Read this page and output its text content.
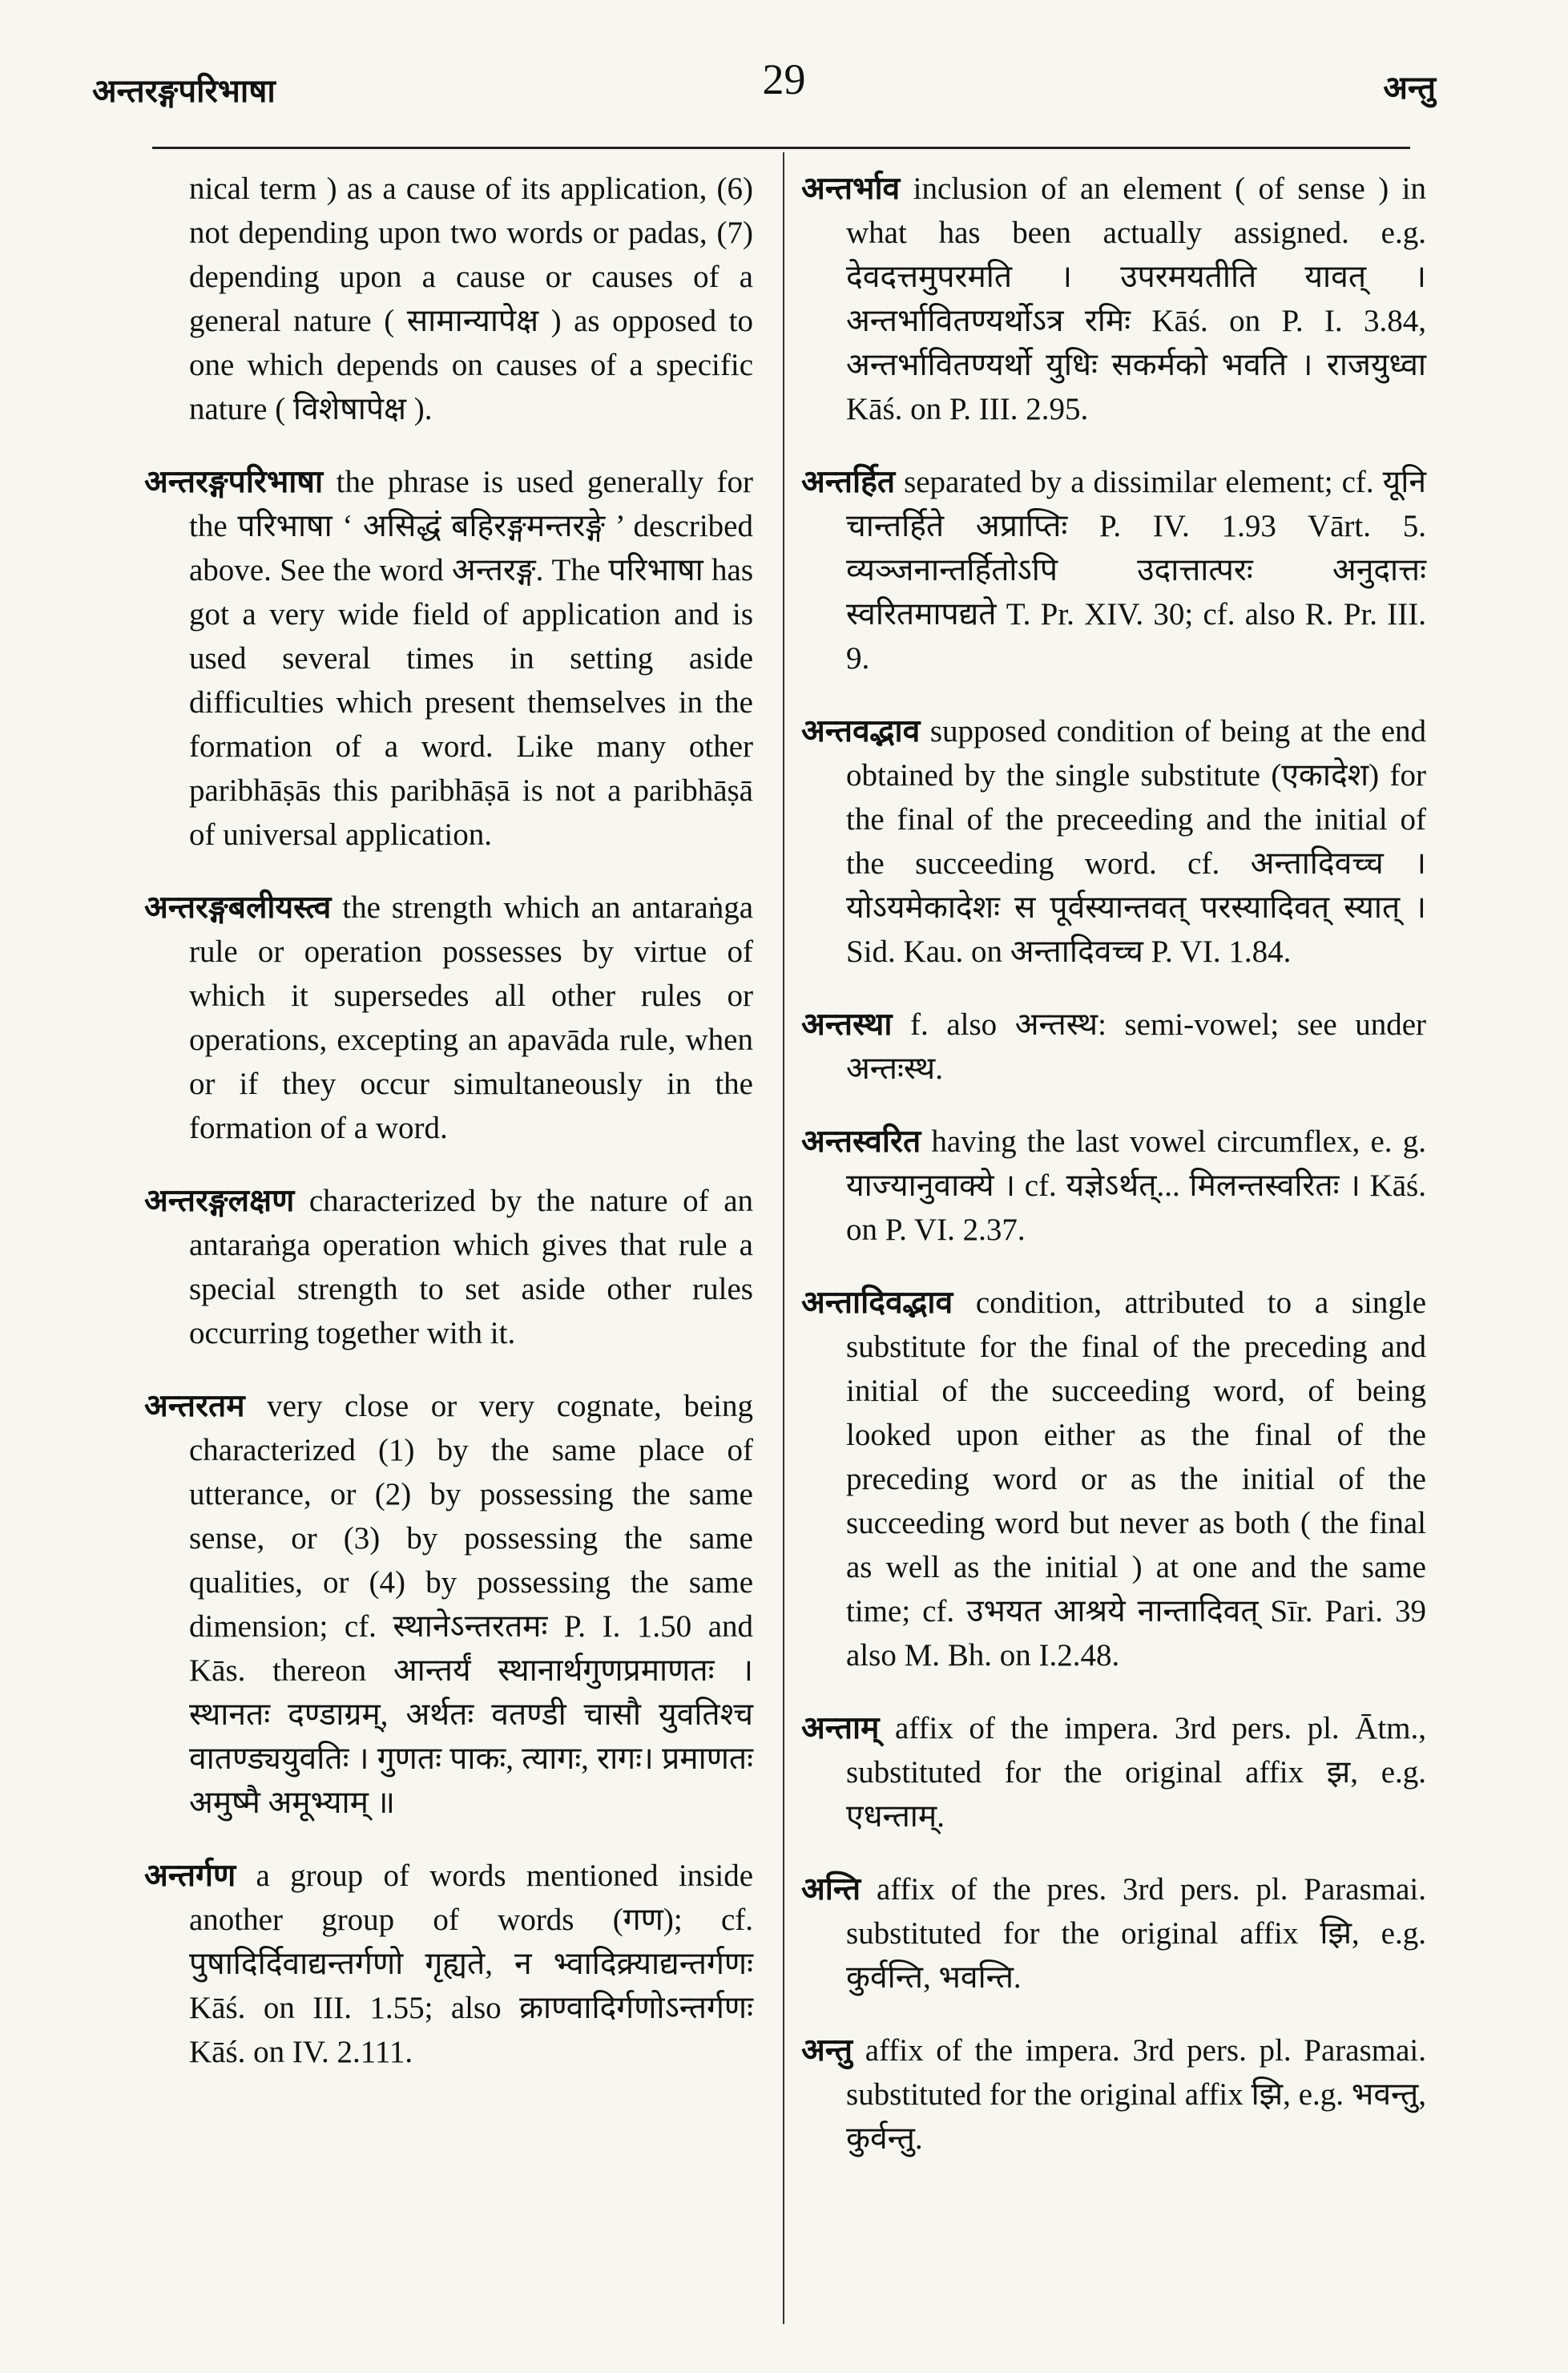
अन्तरङ्गपरिभाषा	29	अन्तु

nical term ) as a cause of its application, (6) not depending upon two words or padas, (7) depending upon a cause or causes of a general nature ( सामान्यापेक्ष ) as opposed to one which depends on causes of a specific nature ( विशेषापेक्ष ).

अन्तरङ्गपरिभाषा the phrase is used generally for the परिभाषा ‘ असिद्धं बहिरङ्गमन्तरङ्गे ’ described above. See the word अन्तरङ्ग. The परिभाषा has got a very wide field of application and is used several times in setting aside difficulties which present themselves in the formation of a word. Like many other paribhāṣās this paribhāṣā is not a paribhāṣā of universal application.

अन्तरङ्गबलीयस्त्व the strength which an antaraṅga rule or operation possesses by virtue of which it supersedes all other rules or operations, excepting an apavāda rule, when or if they occur simultaneously in the formation of a word.

अन्तरङ्गलक्षण characterized by the nature of an antaraṅga operation which gives that rule a special strength to set aside other rules occurring together with it.

अन्तरतम very close or very cognate, being characterized (1) by the same place of utterance, or (2) by possessing the same sense, or (3) by possessing the same qualities, or (4) by possessing the same dimension; cf. स्थानेऽन्तरतमः P. I. 1.50 and Kās. thereon आन्तर्यं स्थानार्थगुणप्रमाणतः । स्थानतः दण्डाग्रम्, अर्थतः वतण्डी चासौ युवतिश्च वातण्ड्ययुवतिः । गुणतः पाकः, त्यागः, रागः। प्रमाणतः अमुष्मै अमूभ्याम् ॥

अन्तर्गण a group of words mentioned inside another group of words (गण); cf. पुषादिर्दिवाद्यन्तर्गणो गृह्यते, न भ्वादिक्र्याद्यन्तर्गणः Kāś. on III. 1.55; also क्राण्वादिर्गणोऽन्तर्गणः Kāś. on IV. 2.111.

अन्तर्भाव inclusion of an element ( of sense ) in what has been actually assigned. e.g. देवदत्तमुपरमति । उपरमयतीति यावत् । अन्तर्भावितण्यर्थोऽत्र रमिः Kāś. on P. I. 3.84, अन्तर्भावितण्यर्थो युधिः सकर्मको भवति । राजयुध्वा Kāś. on P. III. 2.95.

अन्तर्हित separated by a dissimilar element; cf. यूनि चान्तर्हिते अप्राप्तिः P. IV. 1.93 Vārt. 5. व्यञ्जनान्तर्हितोऽपि उदात्तात्परः अनुदात्तः स्वरितमापद्यते T. Pr. XIV. 30; cf. also R. Pr. III. 9.

अन्तवद्भाव supposed condition of being at the end obtained by the single substitute (एकादेश) for the final of the preceeding and the initial of the succeeding word. cf. अन्तादिवच्च । योऽयमेकादेशः स पूर्वस्यान्तवत् परस्यादिवत् स्यात् । Sid. Kau. on अन्तादिवच्च P. VI. 1.84.

अन्तस्था f. also अन्तस्थ: semi-vowel; see under अन्तःस्थ.

अन्तस्वरित having the last vowel circumflex, e. g. याज्यानुवाक्ये । cf. यज्ञेऽर्थत्... मिलन्तस्वरितः । Kāś. on P. VI. 2.37.

अन्तादिवद्भाव condition, attributed to a single substitute for the final of the preceding and initial of the succeeding word, of being looked upon either as the final of the preceding word or as the initial of the succeeding word but never as both ( the final as well as the initial ) at one and the same time; cf. उभयत आश्रये नान्तादिवत् Sīr. Pari. 39 also M. Bh. on I.2.48.

अन्ताम् affix of the impera. 3rd pers. pl. Ātm., substituted for the original affix झ, e.g. एधन्ताम्.

अन्ति affix of the pres. 3rd pers. pl. Parasmai. substituted for the original affix झि, e.g. कुर्वन्ति, भवन्ति.

अन्तु affix of the impera. 3rd pers. pl. Parasmai. substituted for the original affix झि, e.g. भवन्तु, कुर्वन्तु.
